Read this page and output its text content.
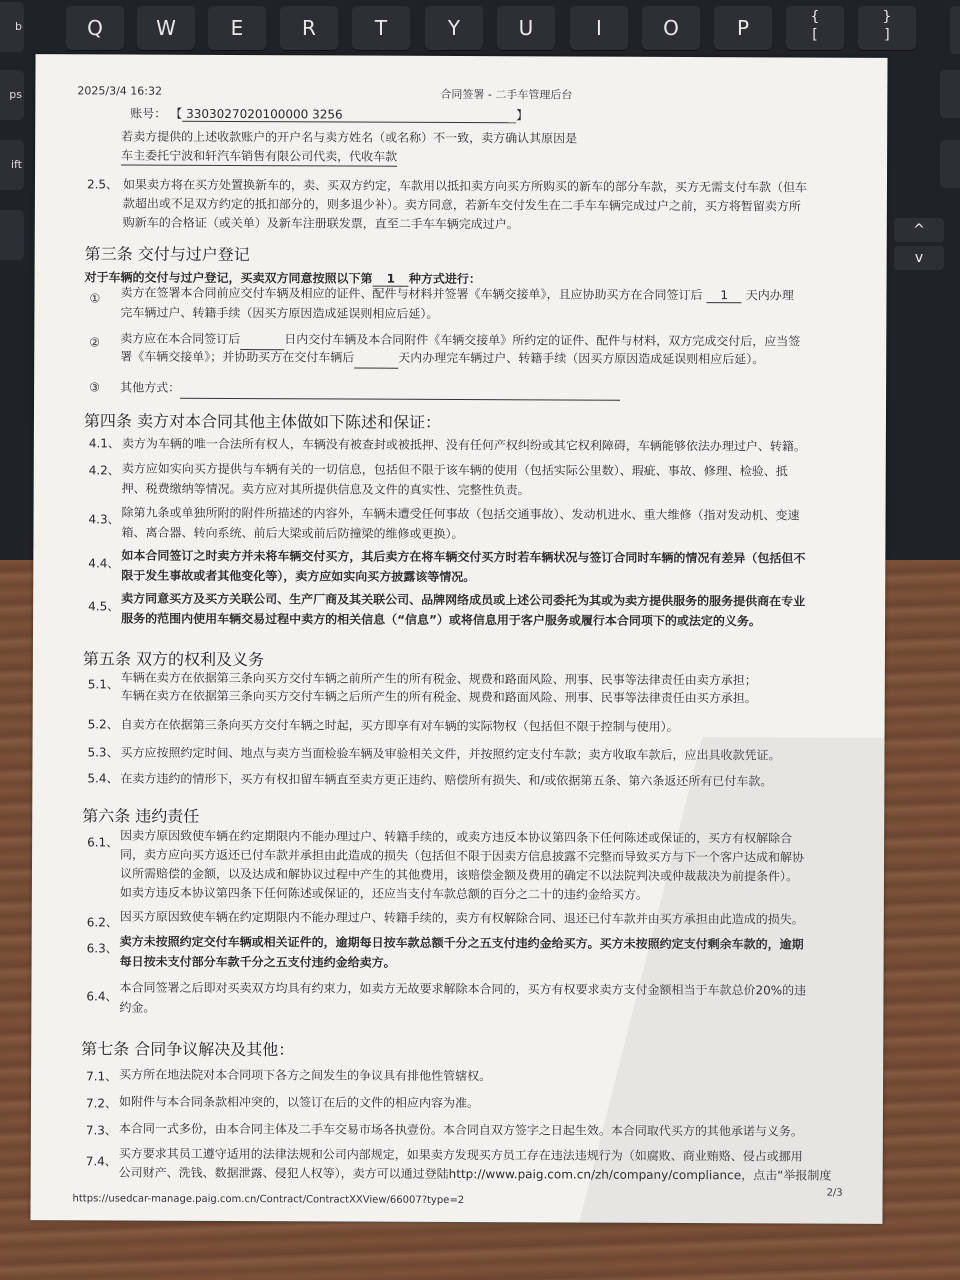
b	Q	W	E	R	T	Y	U	I	O	P	{
[
}
]
ps
ift
^
v
2025/3/4 16:32	合同签署 - 二手车管理后台
账号： 【 3303027020100000 3256	】
若卖方提供的上述收款账户的开户名与卖方姓名（或名称）不一致，卖方确认其原因是
车主委托宁波和轩汽车销售有限公司代卖，代收车款
2.5、 如果卖方将在买方处置换新车的，卖、买双方约定，车款用以抵扣卖方向买方所购买的新车的部分车款，买方无需支付车款（但车
款超出或不足双方约定的抵扣部分的，则多退少补）。卖方同意，若新车交付发生在二手车车辆完成过户之前，买方将暂留卖方所
购新车的合格证（或关单）及新车注册联发票，直至二手车车辆完成过户。
第三条 交付与过户登记
对于车辆的交付与过户登记，买卖双方同意按照以下第 1 种方式进行：
① 卖方在签署本合同前应交付车辆及相应的证件、配件与材料并签署《车辆交接单》，且应协助买方在合同签订后 1 天内办理
完车辆过户、转籍手续（因买方原因造成延误则相应后延）。
② 卖方应在本合同签订后	日内交付车辆及本合同附件《车辆交接单》所约定的证件、配件与材料，双方完成交付后，应当签
署《车辆交接单》；并协助买方在交付车辆后	天内办理完车辆过户、转籍手续（因买方原因造成延误则相应后延）。
③ 其他方式：
第四条 卖方对本合同其他主体做如下陈述和保证：
4.1、 卖方为车辆的唯一合法所有权人，车辆没有被查封或被抵押、没有任何产权纠纷或其它权利障碍，车辆能够依法办理过户、转籍。
4.2、 卖方应如实向买方提供与车辆有关的一切信息，包括但不限于该车辆的使用（包括实际公里数）、瑕疵、事故、修理、检验、抵
押、税费缴纳等情况。卖方应对其所提供信息及文件的真实性、完整性负责。
4.3、 除第九条或单独所附的附件所描述的内容外，车辆未遭受任何事故（包括交通事故）、发动机进水、重大维修（指对发动机、变速
箱、离合器、转向系统、前后大梁或前后防撞梁的维修或更换）。
4.4、 如本合同签订之时卖方并未将车辆交付买方，其后卖方在将车辆交付买方时若车辆状况与签订合同时车辆的情况有差异（包括但不
限于发生事故或者其他变化等），卖方应如实向买方披露该等情况。
4.5、 卖方同意买方及买方关联公司、生产厂商及其关联公司、品牌网络成员或上述公司委托为其或为卖方提供服务的服务提供商在专业
服务的范围内使用车辆交易过程中卖方的相关信息（“信息”）或将信息用于客户服务或履行本合同项下的或法定的义务。
第五条 双方的权利及义务
5.1、 车辆在卖方在依据第三条向买方交付车辆之前所产生的所有税金、规费和路面风险、刑事、民事等法律责任由卖方承担；
车辆在卖方在依据第三条向买方交付车辆之后所产生的所有税金、规费和路面风险、刑事、民事等法律责任由买方承担。
5.2、 自卖方在依据第三条向买方交付车辆之时起，买方即享有对车辆的实际物权（包括但不限于控制与使用）。
5.3、 买方应按照约定时间、地点与卖方当面检验车辆及审验相关文件，并按照约定支付车款；卖方收取车款后，应出具收款凭证。
5.4、 在卖方违约的情形下，买方有权扣留车辆直至卖方更正违约、赔偿所有损失、和/或依据第五条、第六条返还所有已付车款。
第六条 违约责任
6.1、 因卖方原因致使车辆在约定期限内不能办理过户、转籍手续的，或卖方违反本协议第四条下任何陈述或保证的，买方有权解除合
同，卖方应向买方返还已付车款并承担由此造成的损失（包括但不限于因卖方信息披露不完整而导致买方与下一个客户达成和解协
议所需赔偿的金额，以及达成和解协议过程中产生的其他费用，该赔偿金额及费用的确定不以法院判决或仲裁裁决为前提条件）。
如卖方违反本协议第四条下任何陈述或保证的，还应当支付车款总额的百分之二十的违约金给买方。
6.2、 因买方原因致使车辆在约定期限内不能办理过户、转籍手续的，卖方有权解除合同、退还已付车款并由买方承担由此造成的损失。
6.3、 卖方未按照约定交付车辆或相关证件的，逾期每日按车款总额千分之五支付违约金给买方。买方未按照约定支付剩余车款的，逾期
每日按未支付部分车款千分之五支付违约金给卖方。
6.4、 本合同签署之后即对买卖双方均具有约束力，如卖方无故要求解除本合同的，买方有权要求卖方支付金额相当于车款总价20%的违
约金。
第七条 合同争议解决及其他：
7.1、 买方所在地法院对本合同项下各方之间发生的争议具有排他性管辖权。
7.2、 如附件与本合同条款相冲突的，以签订在后的文件的相应内容为准。
7.3、 本合同一式多份，由本合同主体及二手车交易市场各执壹份。本合同自双方签字之日起生效。本合同取代买方的其他承诺与义务。
7.4、 买方要求其员工遵守适用的法律法规和公司内部规定，如果卖方发现买方员工存在违法违规行为（如腐败、商业贿赂、侵占或挪用
公司财产、洗钱、数据泄露、侵犯人权等），卖方可以通过登陆http://www.paig.com.cn/zh/company/compliance，点击“举报制度
https://usedcar-manage.paig.com.cn/Contract/ContractXXView/66007?type=2
2/3
